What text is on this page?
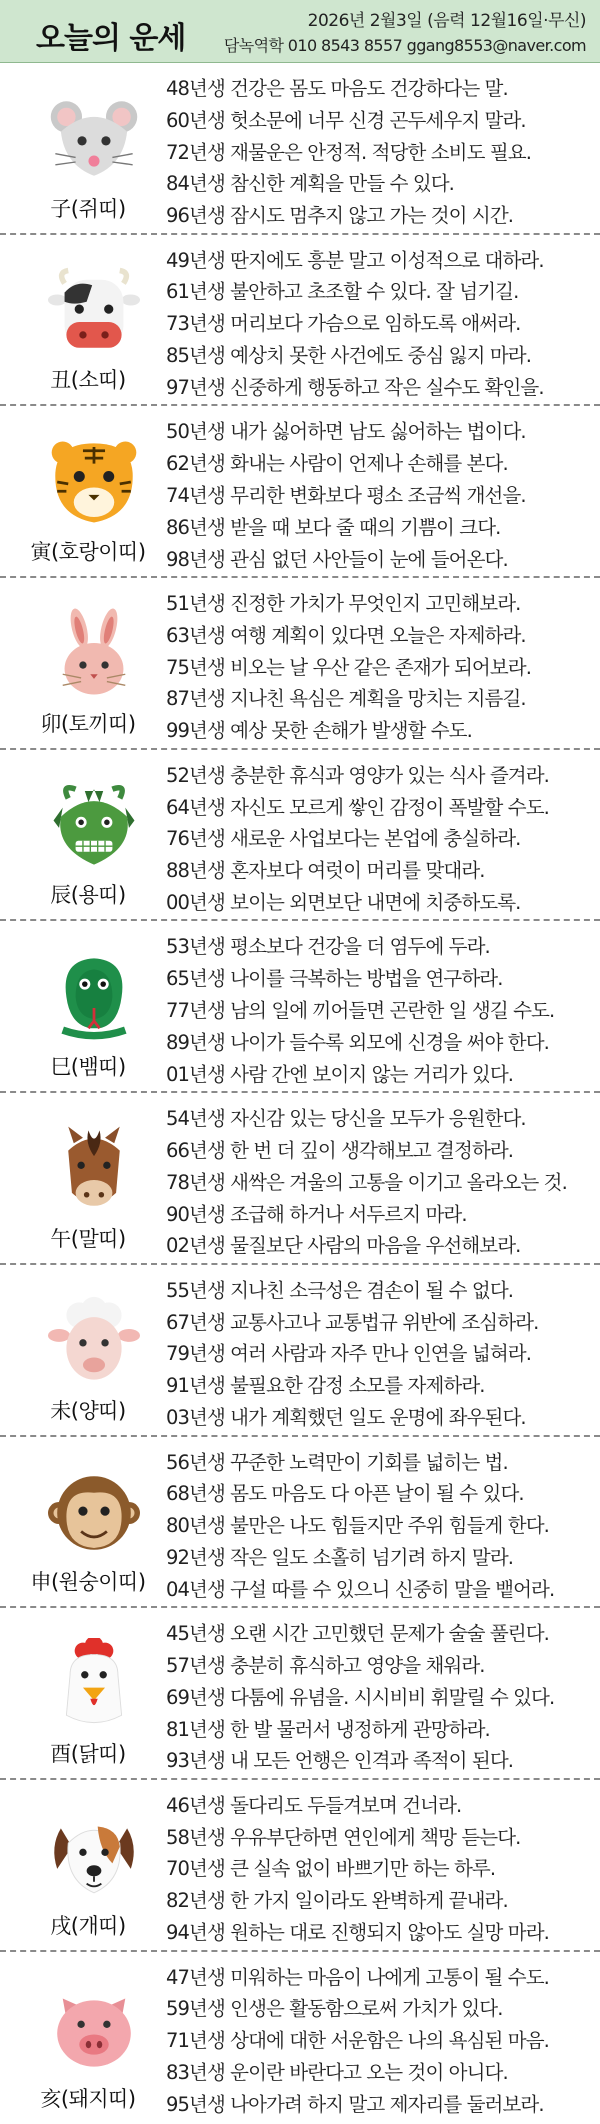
오늘의 운세	2026년 2월3일 (음력 12월16일·무신)
담녹역학 010 8543 8557 ggang8553@naver.com
子(쥐띠)
48년생 건강은 몸도 마음도 건강하다는 말.
60년생 헛소문에 너무 신경 곤두세우지 말라.
72년생 재물운은 안정적. 적당한 소비도 필요.
84년생 참신한 계획을 만들 수 있다.
96년생 잠시도 멈추지 않고 가는 것이 시간.
丑(소띠)
49년생 딴지에도 흥분 말고 이성적으로 대하라.
61년생 불안하고 초조할 수 있다. 잘 넘기길.
73년생 머리보다 가슴으로 임하도록 애써라.
85년생 예상치 못한 사건에도 중심 잃지 마라.
97년생 신중하게 행동하고 작은 실수도 확인을.
寅(호랑이띠)
50년생 내가 싫어하면 남도 싫어하는 법이다.
62년생 화내는 사람이 언제나 손해를 본다.
74년생 무리한 변화보다 평소 조금씩 개선을.
86년생 받을 때 보다 줄 때의 기쁨이 크다.
98년생 관심 없던 사안들이 눈에 들어온다.
卯(토끼띠)
51년생 진정한 가치가 무엇인지 고민해보라.
63년생 여행 계획이 있다면 오늘은 자제하라.
75년생 비오는 날 우산 같은 존재가 되어보라.
87년생 지나친 욕심은 계획을 망치는 지름길.
99년생 예상 못한 손해가 발생할 수도.
辰(용띠)
52년생 충분한 휴식과 영양가 있는 식사 즐겨라.
64년생 자신도 모르게 쌓인 감정이 폭발할 수도.
76년생 새로운 사업보다는 본업에 충실하라.
88년생 혼자보다 여럿이 머리를 맞대라.
00년생 보이는 외면보단 내면에 치중하도록.
巳(뱀띠)
53년생 평소보다 건강을 더 염두에 두라.
65년생 나이를 극복하는 방법을 연구하라.
77년생 남의 일에 끼어들면 곤란한 일 생길 수도.
89년생 나이가 들수록 외모에 신경을 써야 한다.
01년생 사람 간엔 보이지 않는 거리가 있다.
午(말띠)
54년생 자신감 있는 당신을 모두가 응원한다.
66년생 한 번 더 깊이 생각해보고 결정하라.
78년생 새싹은 겨울의 고통을 이기고 올라오는 것.
90년생 조급해 하거나 서두르지 마라.
02년생 물질보단 사람의 마음을 우선해보라.
未(양띠)
55년생 지나친 소극성은 겸손이 될 수 없다.
67년생 교통사고나 교통법규 위반에 조심하라.
79년생 여러 사람과 자주 만나 인연을 넓혀라.
91년생 불필요한 감정 소모를 자제하라.
03년생 내가 계획했던 일도 운명에 좌우된다.
申(원숭이띠)
56년생 꾸준한 노력만이 기회를 넓히는 법.
68년생 몸도 마음도 다 아픈 날이 될 수 있다.
80년생 불만은 나도 힘들지만 주위 힘들게 한다.
92년생 작은 일도 소홀히 넘기려 하지 말라.
04년생 구설 따를 수 있으니 신중히 말을 뱉어라.
酉(닭띠)
45년생 오랜 시간 고민했던 문제가 술술 풀린다.
57년생 충분히 휴식하고 영양을 채워라.
69년생 다툼에 유념을. 시시비비 휘말릴 수 있다.
81년생 한 발 물러서 냉정하게 관망하라.
93년생 내 모든 언행은 인격과 족적이 된다.
戌(개띠)
46년생 돌다리도 두들겨보며 건너라.
58년생 우유부단하면 연인에게 책망 듣는다.
70년생 큰 실속 없이 바쁘기만 하는 하루.
82년생 한 가지 일이라도 완벽하게 끝내라.
94년생 원하는 대로 진행되지 않아도 실망 마라.
亥(돼지띠)
47년생 미워하는 마음이 나에게 고통이 될 수도.
59년생 인생은 활동함으로써 가치가 있다.
71년생 상대에 대한 서운함은 나의 욕심된 마음.
83년생 운이란 바란다고 오는 것이 아니다.
95년생 나아가려 하지 말고 제자리를 둘러보라.
